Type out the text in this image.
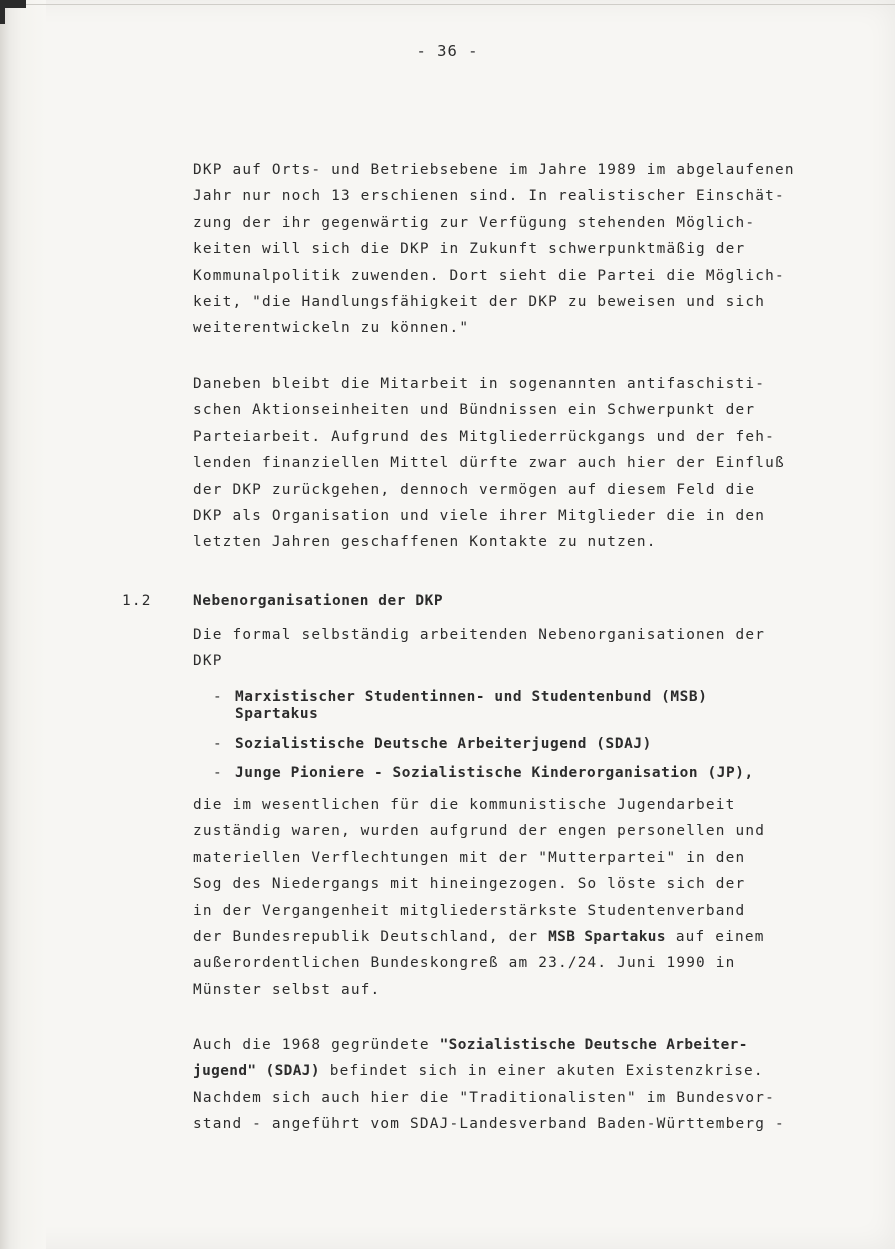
- 36 -
DKP auf Orts- und Betriebsebene im Jahre 1989 im abgelaufenen
Jahr nur noch 13 erschienen sind. In realistischer Einschät-
zung der ihr gegenwärtig zur Verfügung stehenden Möglich-
keiten will sich die DKP in Zukunft schwerpunktmäßig der
Kommunalpolitik zuwenden. Dort sieht die Partei die Möglich-
keit, "die Handlungsfähigkeit der DKP zu beweisen und sich
weiterentwickeln zu können."
Daneben bleibt die Mitarbeit in sogenannten antifaschisti-
schen Aktionseinheiten und Bündnissen ein Schwerpunkt der
Parteiarbeit. Aufgrund des Mitgliederrückgangs und der feh-
lenden finanziellen Mittel dürfte zwar auch hier der Einfluß
der DKP zurückgehen, dennoch vermögen auf diesem Feld die
DKP als Organisation und viele ihrer Mitglieder die in den
letzten Jahren geschaffenen Kontakte zu nutzen.
1.2	Nebenorganisationen der DKP
Die formal selbständig arbeitenden Nebenorganisationen der
DKP
- Marxistischer Studentinnen- und Studentenbund (MSB)
Spartakus
- Sozialistische Deutsche Arbeiterjugend (SDAJ)
- Junge Pioniere - Sozialistische Kinderorganisation (JP),
die im wesentlichen für die kommunistische Jugendarbeit
zuständig waren, wurden aufgrund der engen personellen und
materiellen Verflechtungen mit der "Mutterpartei" in den
Sog des Niedergangs mit hineingezogen. So löste sich der
in der Vergangenheit mitgliederstärkste Studentenverband
der Bundesrepublik Deutschland, der MSB Spartakus auf einem
außerordentlichen Bundeskongreß am 23./24. Juni 1990 in
Münster selbst auf.
Auch die 1968 gegründete "Sozialistische Deutsche Arbeiter-
jugend" (SDAJ) befindet sich in einer akuten Existenzkrise.
Nachdem sich auch hier die "Traditionalisten" im Bundesvor-
stand - angeführt vom SDAJ-Landesverband Baden-Württemberg -
